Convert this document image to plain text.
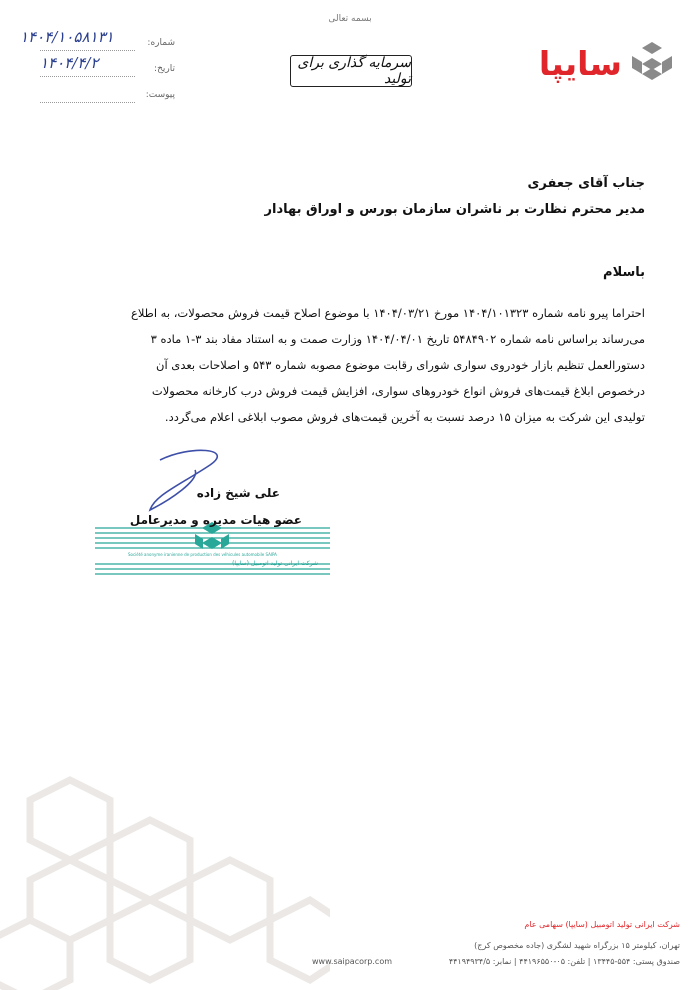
بسمه تعالی
شماره:
۱۴۰۴/۱۰۵۸۱۳۱
تاریخ:
۱۴۰۴/۴/۲
پیوست:
سرمایه گذاری برای تولید	سایپا
جناب آقای جعفری
مدیر محترم نظارت بر ناشران سازمان بورس و اوراق بهادار
باسلام

احتراما پیرو نامه شماره ۱۴۰۴/۱۰۱۳۲۳ مورخ ۱۴۰۴/۰۳/۲۱ با موضوع اصلاح قیمت فروش محصولات، به اطلاع

می‌رساند براساس نامه شماره ۵۴۸۴۹۰۲ تاریخ ۱۴۰۴/۰۴/۰۱ وزارت صمت و به استناد مفاد بند ۳-۱ ماده ۳

دستورالعمل تنظیم بازار خودروی سواری شورای رقابت موضوع مصوبه شماره ۵۴۳ و اصلاحات بعدی آن

درخصوص ابلاغ قیمت‌های فروش انواع خودروهای سواری، افزایش قیمت فروش درب کارخانه محصولات

تولیدی این شرکت به میزان ۱۵ درصد نسبت به آخرین قیمت‌های فروش مصوب ابلاغی اعلام می‌گردد.

Société anonyme iranienne de production des véhicules automobile SAIPA
شرکت ایرانی تولید اتومبیل (سایپا)
علی شیخ زاده
عضو هیات مدیره و مدیرعامل
شرکت ایرانی تولید اتومبیل (سایپا) سهامی عام
تهران، کیلومتر ۱۵ بزرگراه شهید لشگری (جاده مخصوص کرج)
صندوق پستی: ۵۵۴-۱۳۴۴۵ | تلفن: ۰۵-۴۴۱۹۶۵۵۰ | نمابر: ۴۴۱۹۴۹۳۴/۵
www.saipacorp.com
